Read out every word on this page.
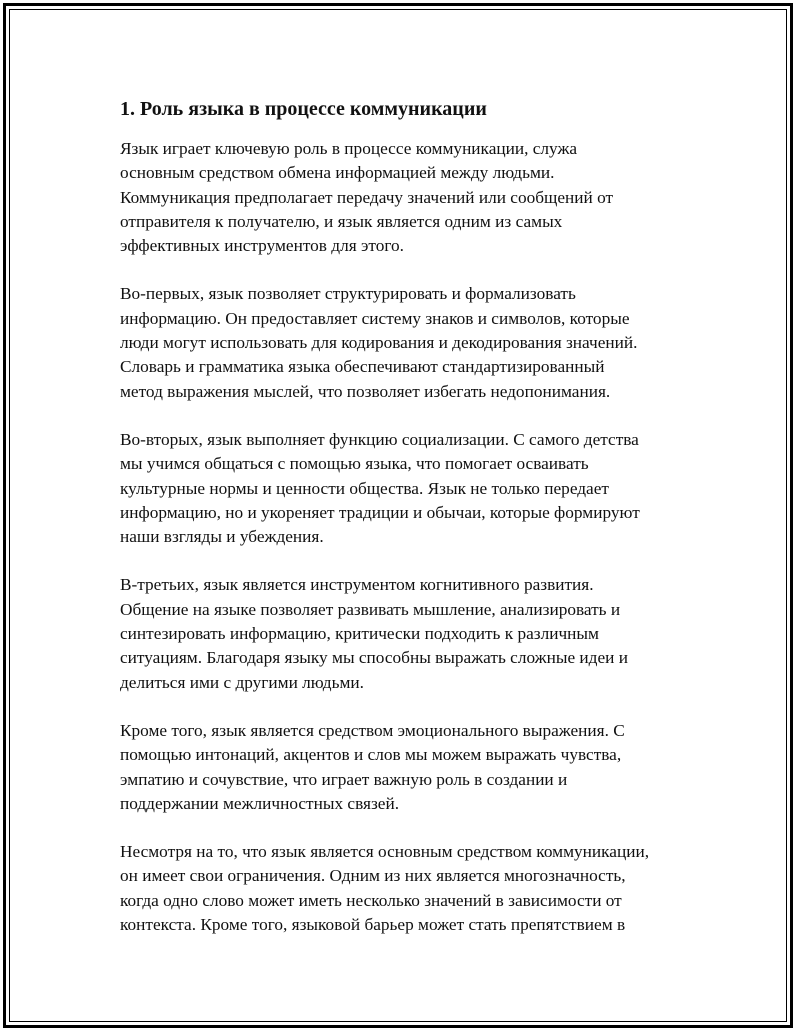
1. Роль языка в процессе коммуникации
Язык играет ключевую роль в процессе коммуникации, служа
основным средством обмена информацией между людьми.
Коммуникация предполагает передачу значений или сообщений от
отправителя к получателю, и язык является одним из самых
эффективных инструментов для этого.
Во-первых, язык позволяет структурировать и формализовать
информацию. Он предоставляет систему знаков и символов, которые
люди могут использовать для кодирования и декодирования значений.
Словарь и грамматика языка обеспечивают стандартизированный
метод выражения мыслей, что позволяет избегать недопонимания.
Во-вторых, язык выполняет функцию социализации. С самого детства
мы учимся общаться с помощью языка, что помогает осваивать
культурные нормы и ценности общества. Язык не только передает
информацию, но и укореняет традиции и обычаи, которые формируют
наши взгляды и убеждения.
В-третьих, язык является инструментом когнитивного развития.
Общение на языке позволяет развивать мышление, анализировать и
синтезировать информацию, критически подходить к различным
ситуациям. Благодаря языку мы способны выражать сложные идеи и
делиться ими с другими людьми.
Кроме того, язык является средством эмоционального выражения. С
помощью интонаций, акцентов и слов мы можем выражать чувства,
эмпатию и сочувствие, что играет важную роль в создании и
поддержании межличностных связей.
Несмотря на то, что язык является основным средством коммуникации,
он имеет свои ограничения. Одним из них является многозначность,
когда одно слово может иметь несколько значений в зависимости от
контекста. Кроме того, языковой барьер может стать препятствием в
